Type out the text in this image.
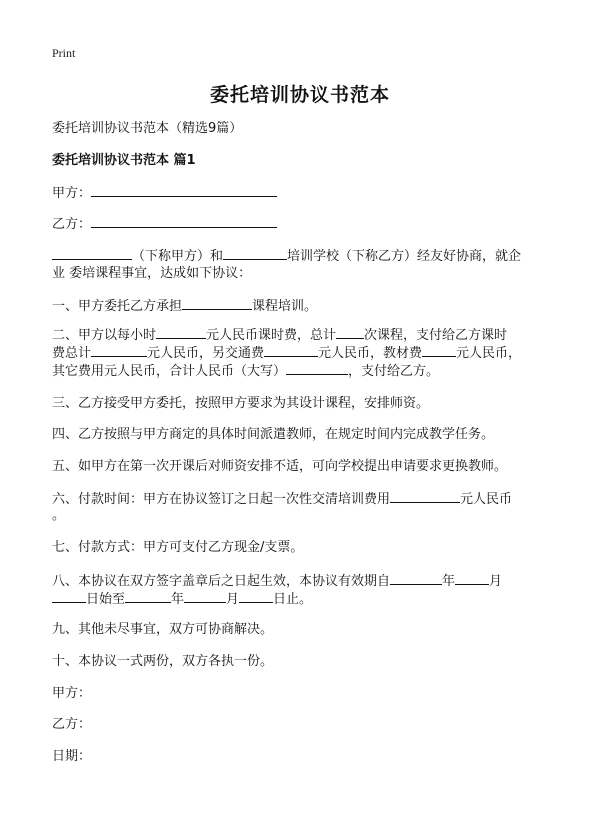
Print
委托培训协议书范本
委托培训协议书范本（精选9篇）
委托培训协议书范本 篇1
甲方：
乙方：
（下称甲方）和	培训学校（下称乙方）经友好协商，就企
业 委培课程事宜，达成如下协议：
一、甲方委托乙方承担	课程培训。
二、甲方以每小时	元人民币课时费，总计 次课程，支付给乙方课时
费总计	元人民币，另交通费	元人民币，教材费	元人民币，
其它费用元人民币，合计人民币（大写）	，支付给乙方。
三、乙方接受甲方委托，按照甲方要求为其设计课程，安排师资。
四、乙方按照与甲方商定的具体时间派遣教师，在规定时间内完成教学任务。
五、如甲方在第一次开课后对师资安排不适，可向学校提出申请要求更换教师。
六、付款时间：甲方在协议签订之日起一次性交清培训费用	元人民币
。
七、付款方式：甲方可支付乙方现金/支票。
八、本协议在双方签字盖章后之日起生效，本协议有效期自	年	月
日始至	年	月	日止。
九、其他未尽事宜，双方可协商解决。
十、本协议一式两份，双方各执一份。
甲方：
乙方：
日期：
